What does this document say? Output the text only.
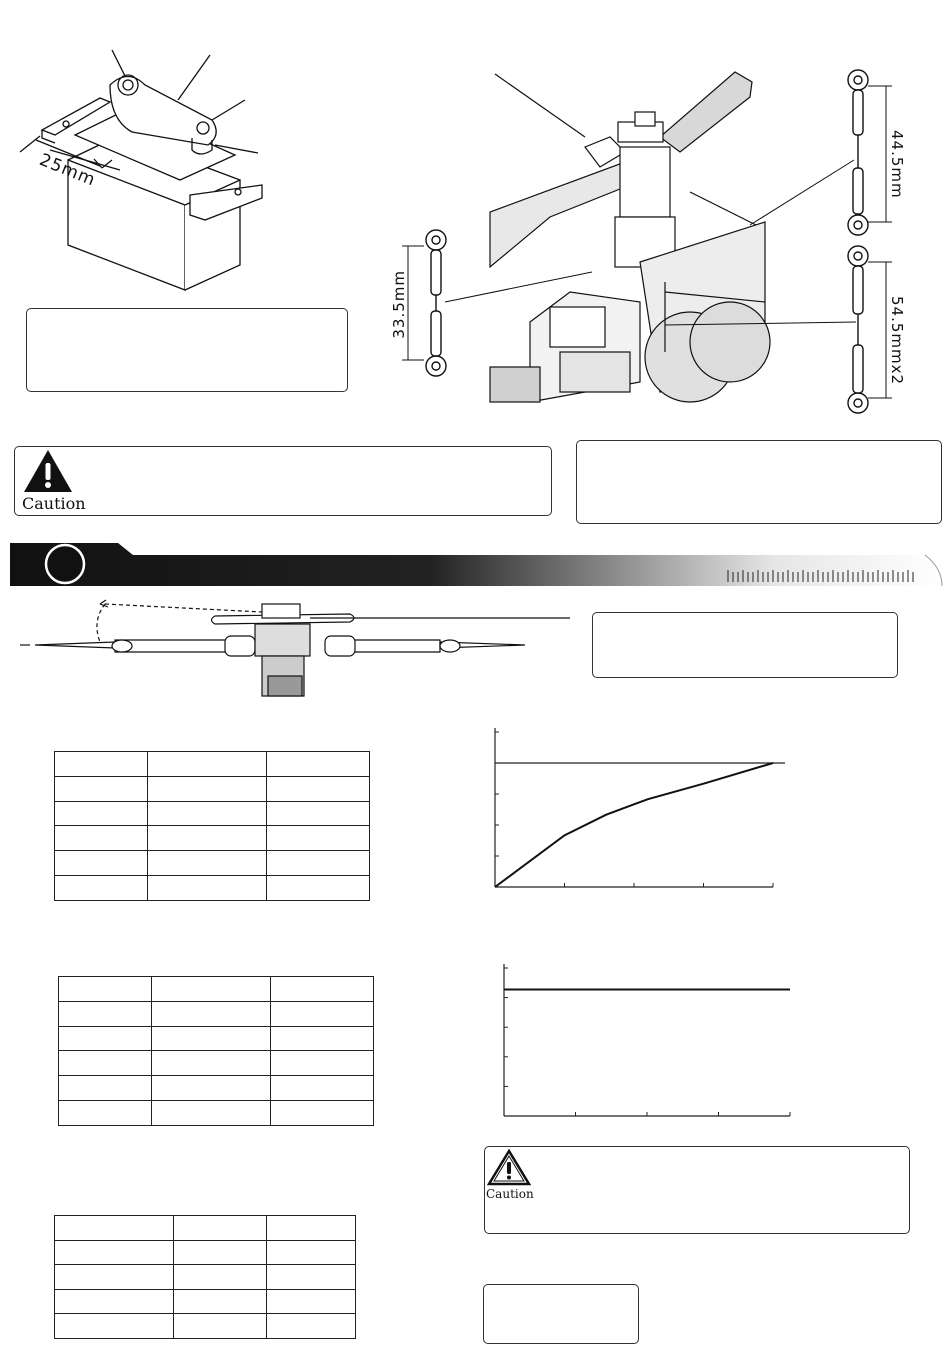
25mm
33.5mm
44.5mm
54.5mmx2
Caution

Caution
